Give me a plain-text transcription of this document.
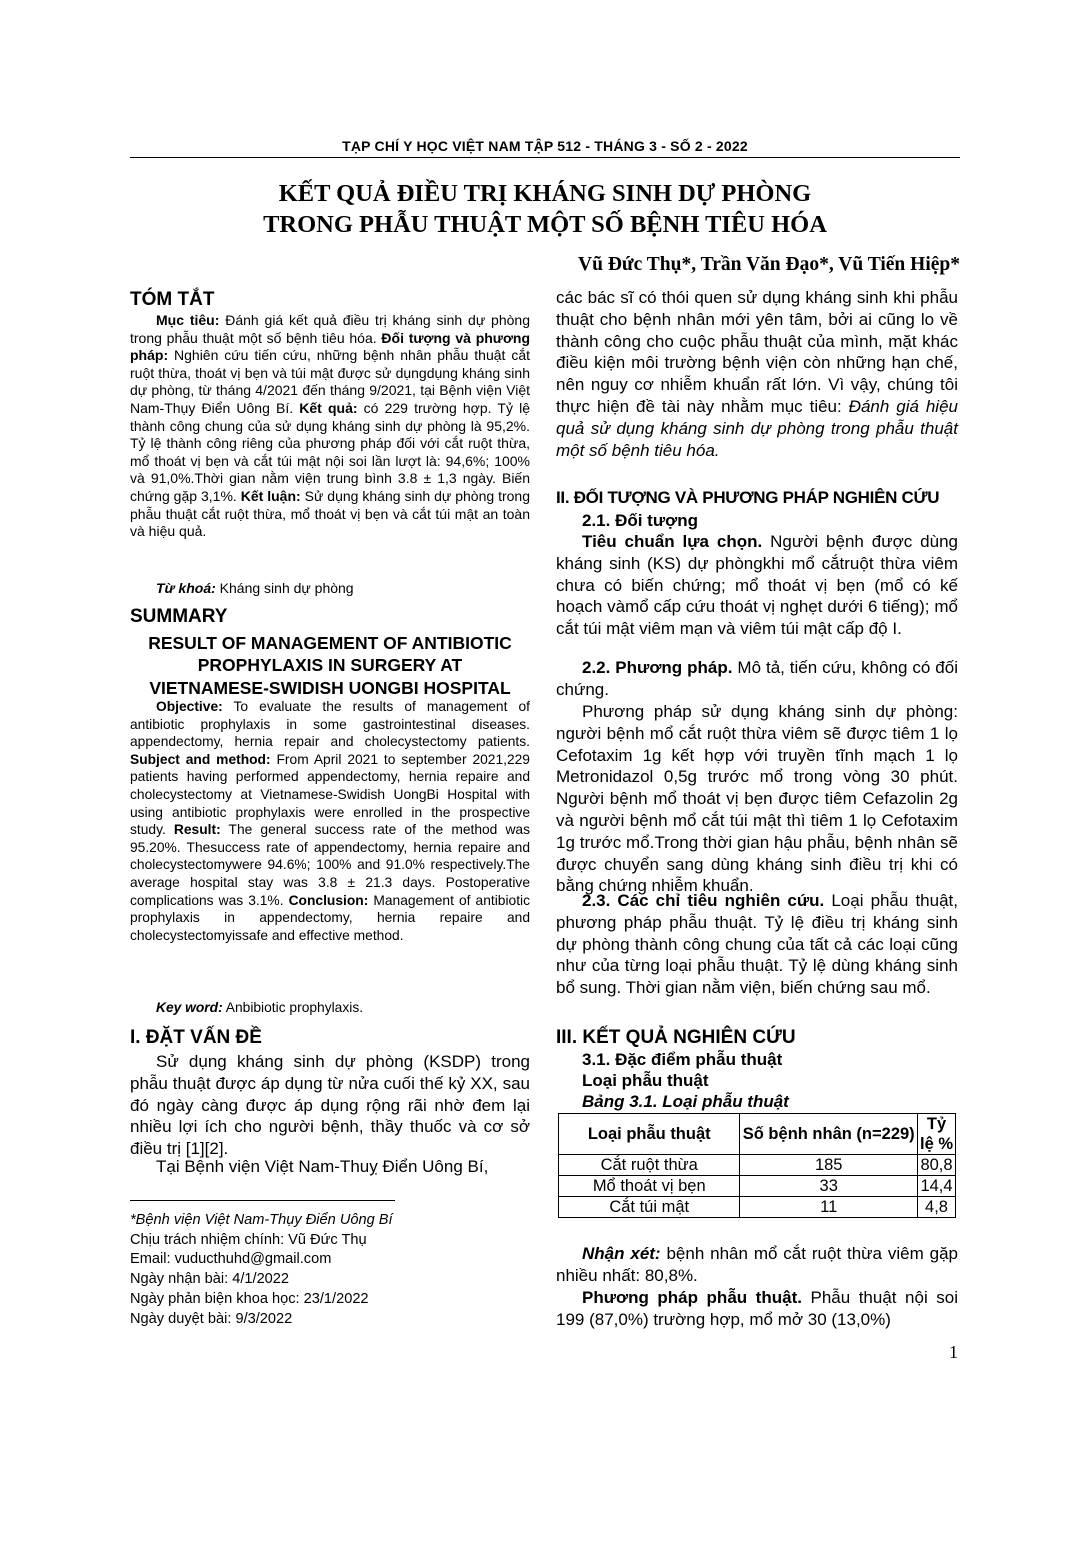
TẠP CHÍ Y HỌC VIỆT NAM TẬP 512 - THÁNG 3 - SỐ 2 - 2022
KẾT QUẢ ĐIỀU TRỊ KHÁNG SINH DỰ PHÒNG
TRONG PHẪU THUẬT MỘT SỐ BỆNH TIÊU HÓA
Vũ Đức Thụ*, Trần Văn Đạo*, Vũ Tiến Hiệp*
TÓM TẮT

Mục tiêu: Đánh giá kết quả điều trị kháng sinh dự phòng trong phẫu thuật một số bệnh tiêu hóa. Đối tượng và phương pháp: Nghiên cứu tiến cứu, những bệnh nhân phẫu thuật cắt ruột thừa, thoát vị bẹn và túi mật được sử dụngdụng kháng sinh dự phòng, từ tháng 4/2021 đến tháng 9/2021, tại Bệnh viện Việt Nam-Thụy Điển Uông Bí. Kết quả: có 229 trường hợp. Tỷ lệ thành công chung của sử dụng kháng sinh dự phòng là 95,2%. Tỷ lệ thành công riêng của phương pháp đối với cắt ruột thừa, mổ thoát vị bẹn và cắt túi mật nội soi lần lượt là: 94,6%; 100% và 91,0%.Thời gian nằm viện trung bình 3.8 ± 1,3 ngày. Biến chứng gặp 3,1%. Kết luận: Sử dụng kháng sinh dự phòng trong phẫu thuật cắt ruột thừa, mổ thoát vị bẹn và cắt túi mật an toàn và hiệu quả.

Từ khoá: Kháng sinh dự phòng

SUMMARY
RESULT OF MANAGEMENT OF ANTIBIOTIC
PROPHYLAXIS IN SURGERY AT
VIETNAMESE-SWIDISH UONGBI HOSPITAL

Objective: To evaluate the results of management of antibiotic prophylaxis in some gastrointestinal diseases. appendectomy, hernia repair and cholecystectomy patients. Subject and method: From April 2021 to september 2021,229 patients having performed appendectomy, hernia repaire and cholecystectomy at Vietnamese-Swidish UongBi Hospital with using antibiotic prophylaxis were enrolled in the prospective study. Result: The general success rate of the method was 95.20%. Thesuccess rate of appendectomy, hernia repaire and cholecystectomywere 94.6%; 100% and 91.0% respectively.The average hospital stay was 3.8 ± 21.3 days. Postoperative complications was 3.1%. Conclusion: Management of antibiotic prophylaxis in appendectomy, hernia repaire and cholecystectomyissafe and effective method.

Key word: Anbibiotic prophylaxis.

I. ĐẶT VẤN ĐỀ

Sử dụng kháng sinh dự phòng (KSDP) trong phẫu thuật được áp dụng từ nửa cuối thế kỷ XX, sau đó ngày càng được áp dụng rộng rãi nhờ đem lại nhiều lợi ích cho người bệnh, thầy thuốc và cơ sở điều trị [1][2].

Tại Bệnh viện Việt Nam-Thuỵ Điển Uông Bí,

*Bệnh viện Việt Nam-Thụy Điển Uông Bí
Chịu trách nhiệm chính: Vũ Đức Thụ
Email: vuducthuhd@gmail.com
Ngày nhận bài: 4/1/2022
Ngày phản biện khoa học: 23/1/2022
Ngày duyệt bài: 9/3/2022

các bác sĩ có thói quen sử dụng kháng sinh khi phẫu thuật cho bệnh nhân mới yên tâm, bởi ai cũng lo về thành công cho cuộc phẫu thuật của mình, mặt khác điều kiện môi trường bệnh viện còn những hạn chế, nên nguy cơ nhiễm khuẩn rất lớn. Vì vậy, chúng tôi thực hiện đề tài này nhằm mục tiêu: Đánh giá hiệu quả sử dụng kháng sinh dự phòng trong phẫu thuật một số bệnh tiêu hóa.

II. ĐỐI TƯỢNG VÀ PHƯƠNG PHÁP NGHIÊN CỨU
2.1. Đối tượng

Tiêu chuẩn lựa chọn. Người bệnh được dùng kháng sinh (KS) dự phòngkhi mổ cắtruột thừa viêm chưa có biến chứng; mổ thoát vị bẹn (mổ có kế hoạch vàmổ cấp cứu thoát vị nghẹt dưới 6 tiếng); mổ cắt túi mật viêm mạn và viêm túi mật cấp độ I.

2.2. Phương pháp. Mô tả, tiến cứu, không có đối chứng.

Phương pháp sử dụng kháng sinh dự phòng: người bệnh mổ cắt ruột thừa viêm sẽ được tiêm 1 lọ Cefotaxim 1g kết hợp với truyền tĩnh mạch 1 lọ Metronidazol 0,5g trước mổ trong vòng 30 phút. Người bệnh mổ thoát vị bẹn được tiêm Cefazolin 2g và người bệnh mổ cắt túi mật thì tiêm 1 lọ Cefotaxim 1g trước mổ.Trong thời gian hậu phẫu, bệnh nhân sẽ được chuyển sang dùng kháng sinh điều trị khi có bằng chứng nhiễm khuẩn.

2.3. Các chỉ tiêu nghiên cứu. Loại phẫu thuật, phương pháp phẫu thuật. Tỷ lệ điều trị kháng sinh dự phòng thành công chung của tất cả các loại cũng như của từng loại phẫu thuật. Tỷ lệ dùng kháng sinh bổ sung. Thời gian nằm viện, biến chứng sau mổ.

III. KẾT QUẢ NGHIÊN CỨU
3.1. Đặc điểm phẫu thuật
Loại phẫu thuật
Bảng 3.1. Loại phẫu thuật
Loại phẫu thuật	Số bệnh nhân (n=229)	Tỷ lệ %
Cắt ruột thừa	185	80,8
Mổ thoát vị bẹn	33	14,4
Cắt túi mật	11	4,8

Nhận xét: bệnh nhân mổ cắt ruột thừa viêm gặp nhiều nhất: 80,8%.

Phương pháp phẫu thuật. Phẫu thuật nội soi 199 (87,0%) trường hợp, mổ mở 30 (13,0%)

1
